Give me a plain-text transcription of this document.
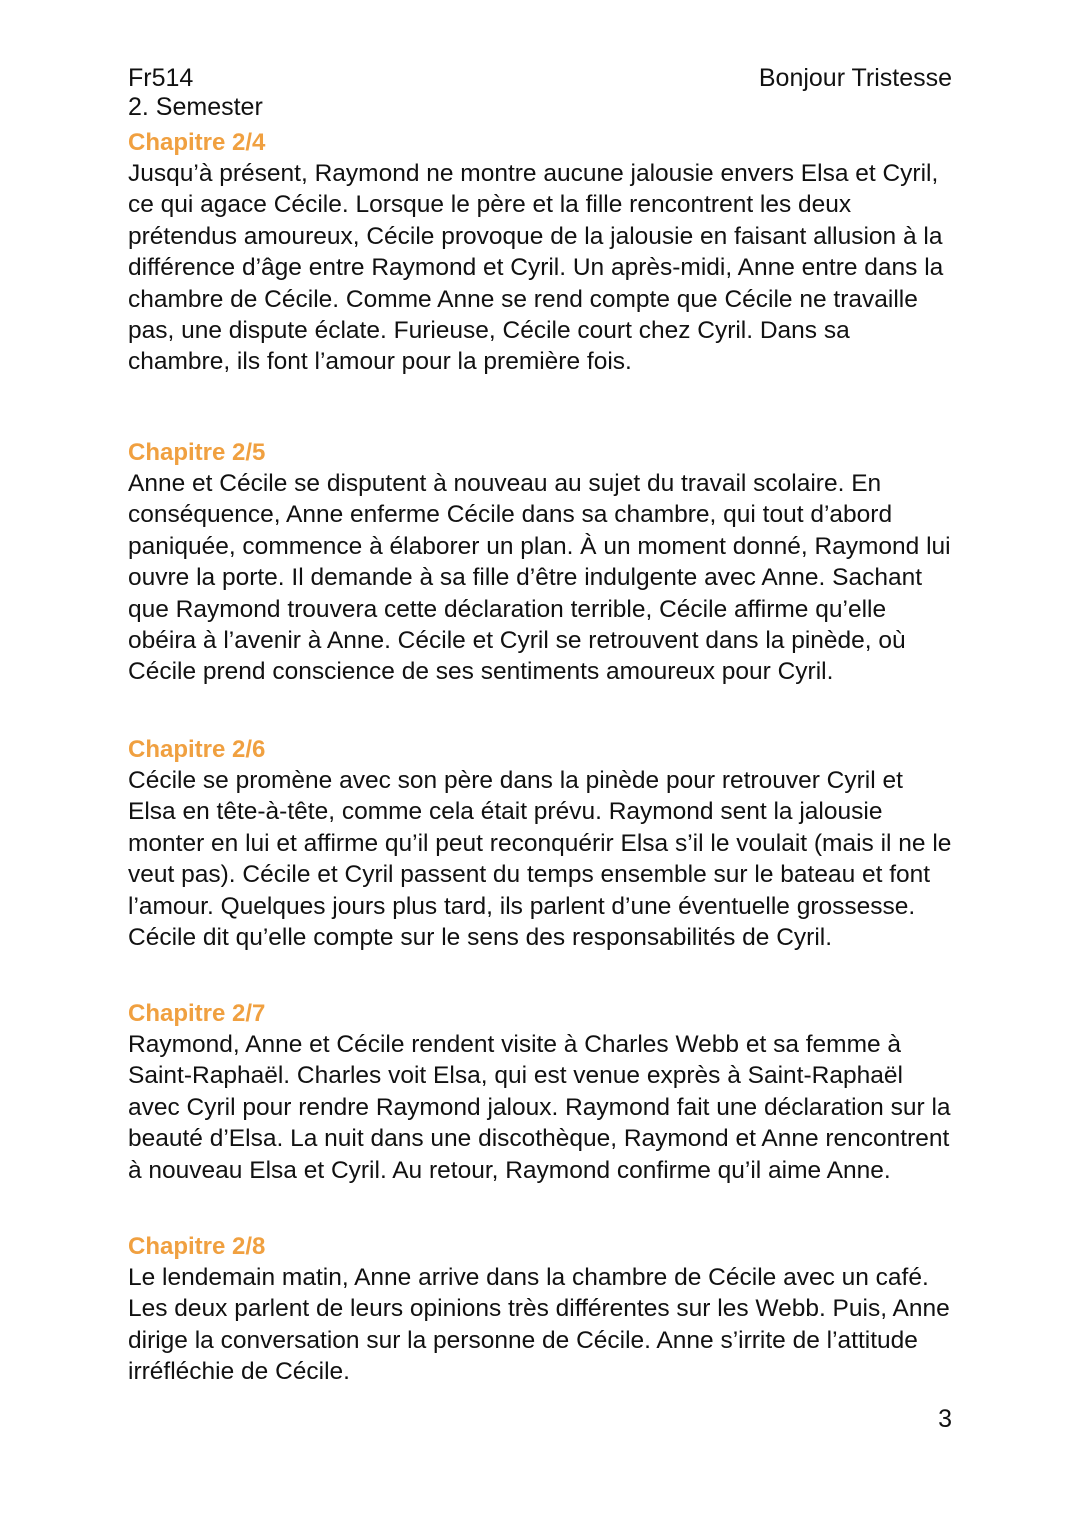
Fr514
2. Semester
Bonjour Tristesse
Chapitre 2/4

Jusqu’à présent, Raymond ne montre aucune jalousie envers Elsa et Cyril, ce qui agace Cécile. Lorsque le père et la fille rencontrent les deux prétendus amoureux, Cécile provoque de la jalousie en faisant allusion à la différence d’âge entre Raymond et Cyril. Un après-midi, Anne entre dans la chambre de Cécile. Comme Anne se rend compte que Cécile ne travaille pas, une dispute éclate. Furieuse, Cécile court chez Cyril. Dans sa chambre, ils font l’amour pour la première fois.

Chapitre 2/5

Anne et Cécile se disputent à nouveau au sujet du travail scolaire. En conséquence, Anne enferme Cécile dans sa chambre, qui tout d’abord paniquée, commence à élaborer un plan. À un moment donné, Raymond lui ouvre la porte. Il demande à sa fille d’être indulgente avec Anne. Sachant que Raymond trouvera cette déclaration terrible, Cécile affirme qu’elle obéira à l’avenir à Anne. Cécile et Cyril se retrouvent dans la pinède, où Cécile prend conscience de ses sentiments amoureux pour Cyril.

Chapitre 2/6

Cécile se promène avec son père dans la pinède pour retrouver Cyril et Elsa en tête-à-tête, comme cela était prévu. Raymond sent la jalousie monter en lui et affirme qu’il peut reconquérir Elsa s’il le voulait (mais il ne le veut pas). Cécile et Cyril passent du temps ensemble sur le bateau et font l’amour. Quelques jours plus tard, ils parlent d’une éventuelle grossesse. Cécile dit qu’elle compte sur le sens des responsabilités de Cyril.

Chapitre 2/7

Raymond, Anne et Cécile rendent visite à Charles Webb et sa femme à Saint-Raphaël. Charles voit Elsa, qui est venue exprès à Saint-Raphaël avec Cyril pour rendre Raymond jaloux. Raymond fait une déclaration sur la beauté d’Elsa. La nuit dans une discothèque, Raymond et Anne rencontrent à nouveau Elsa et Cyril. Au retour, Raymond confirme qu’il aime Anne.

Chapitre 2/8

Le lendemain matin, Anne arrive dans la chambre de Cécile avec un café. Les deux parlent de leurs opinions très différentes sur les Webb. Puis, Anne dirige la conversation sur la personne de Cécile. Anne s’irrite de l’attitude irréfléchie de Cécile.

3
